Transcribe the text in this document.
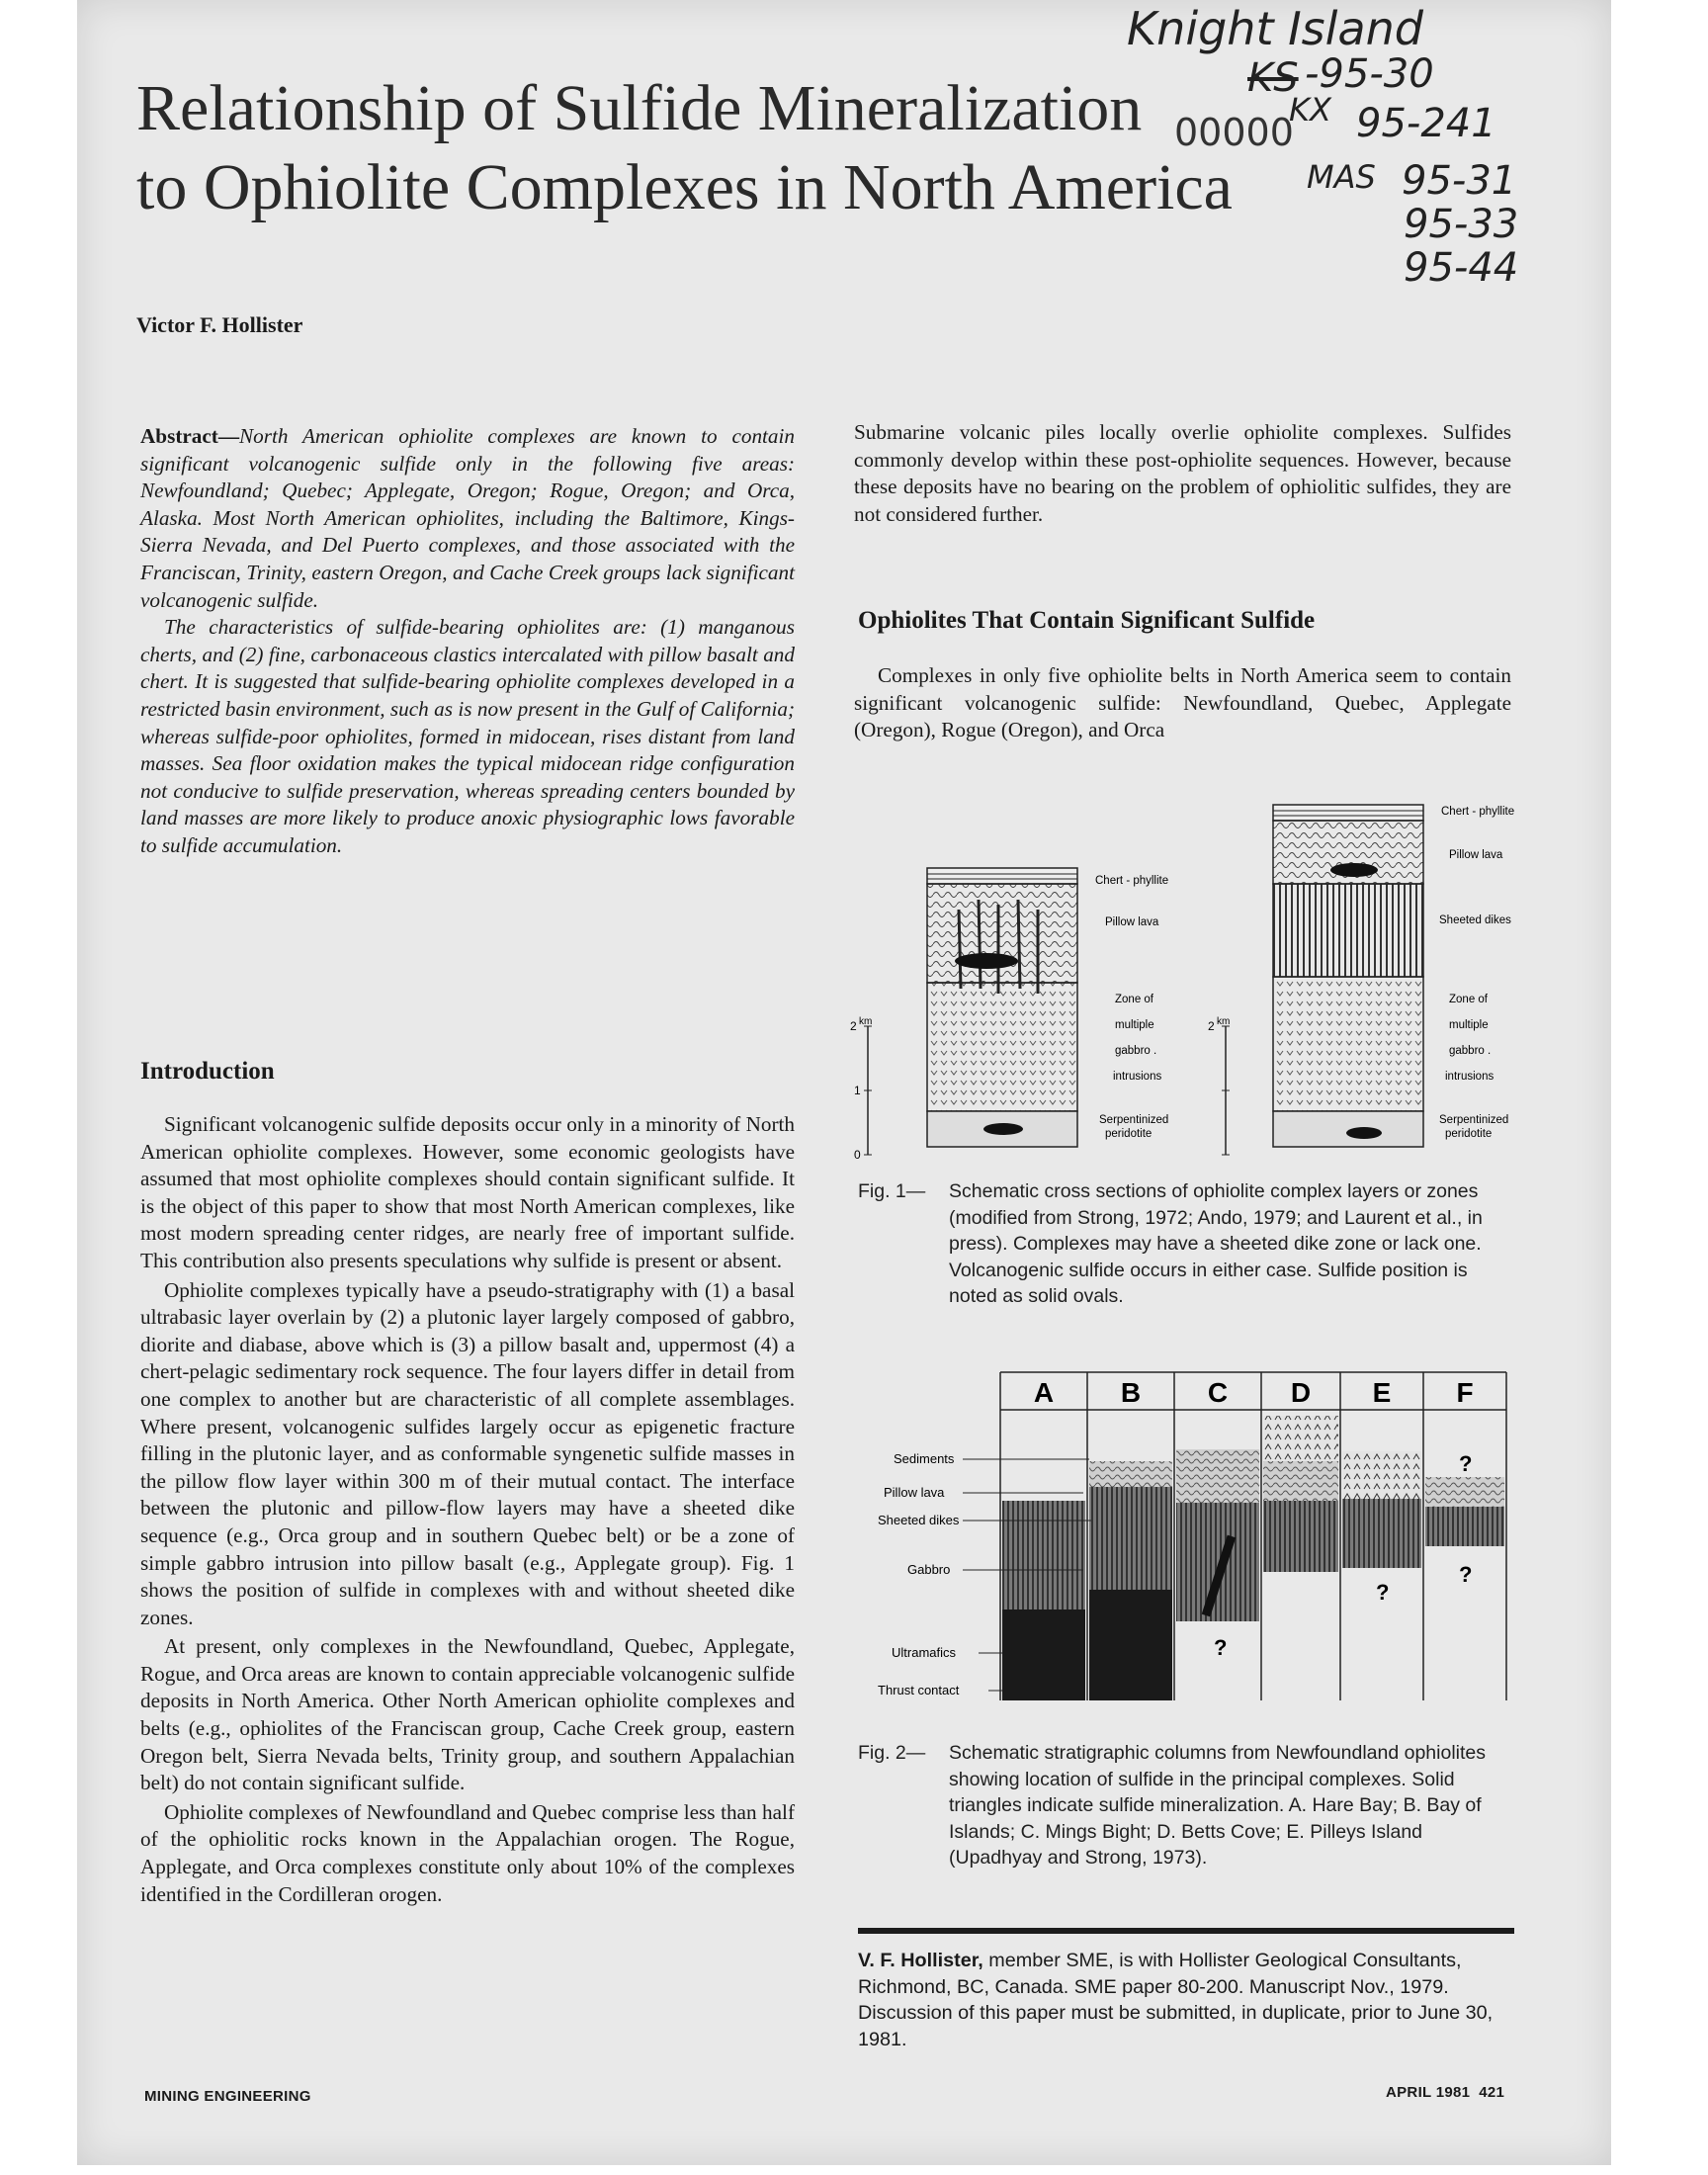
Knight Island
KS -95-30
KX 95-241
00000
MAS 95-31
95-33
95-44
Relationship of Sulfide Mineralization
to Ophiolite Complexes in North America
Victor F. Hollister

Abstract—North American ophiolite complexes are known to contain significant volcanogenic sulfide only in the following five areas: Newfoundland; Quebec; Applegate, Oregon; Rogue, Oregon; and Orca, Alaska. Most North American ophiolites, including the Baltimore, Kings-Sierra Nevada, and Del Puerto complexes, and those associated with the Franciscan, Trinity, eastern Oregon, and Cache Creek groups lack significant volcanogenic sulfide.

The characteristics of sulfide-bearing ophiolites are: (1) manganous cherts, and (2) fine, carbonaceous clastics intercalated with pillow basalt and chert. It is suggested that sulfide-bearing ophiolite complexes developed in a restricted basin environment, such as is now present in the Gulf of California; whereas sulfide-poor ophiolites, formed in midocean, rises distant from land masses. Sea floor oxidation makes the typical midocean ridge configuration not conducive to sulfide preservation, whereas spreading centers bounded by land masses are more likely to produce anoxic physiographic lows favorable to sulfide accumulation.

Introduction

Significant volcanogenic sulfide deposits occur only in a minority of North American ophiolite complexes. However, some economic geologists have assumed that most ophiolite complexes should contain significant sulfide. It is the object of this paper to show that most North American complexes, like most modern spreading center ridges, are nearly free of important sulfide. This contribution also presents speculations why sulfide is present or absent.

Ophiolite complexes typically have a pseudo-stratigraphy with (1) a basal ultrabasic layer overlain by (2) a plutonic layer largely composed of gabbro, diorite and diabase, above which is (3) a pillow basalt and, uppermost (4) a chert-pelagic sedimentary rock sequence. The four layers differ in detail from one complex to another but are characteristic of all complete assemblages. Where present, volcanogenic sulfides largely occur as epigenetic fracture filling in the plutonic layer, and as conformable syngenetic sulfide masses in the pillow flow layer within 300 m of their mutual contact. The interface between the plutonic and pillow-flow layers may have a sheeted dike sequence (e.g., Orca group and in southern Quebec belt) or be a zone of simple gabbro intrusion into pillow basalt (e.g., Applegate group). Fig. 1 shows the position of sulfide in complexes with and without sheeted dike zones.

At present, only complexes in the Newfoundland, Quebec, Applegate, Rogue, and Orca areas are known to contain appreciable volcanogenic sulfide deposits in North America. Other North American ophiolite complexes and belts (e.g., ophiolites of the Franciscan group, Cache Creek group, eastern Oregon belt, Sierra Nevada belts, Trinity group, and southern Appalachian belt) do not contain significant sulfide.

Ophiolite complexes of Newfoundland and Quebec comprise less than half of the ophiolitic rocks known in the Appalachian orogen. The Rogue, Applegate, and Orca complexes constitute only about 10% of the complexes identified in the Cordilleran orogen.

Submarine volcanic piles locally overlie ophiolite complexes. Sulfides commonly develop within these post-ophiolite sequences. However, because these deposits have no bearing on the problem of ophiolitic sulfides, they are not considered further.

Ophiolites That Contain Significant Sulfide

Complexes in only five ophiolite belts in North America seem to contain significant volcanogenic sulfide: Newfoundland, Quebec, Applegate (Oregon), Rogue (Oregon), and Orca

2 km
1
0
Chert - phyllite
Pillow lava
Zone of
multiple
gabbro .
intrusions
Serpentinized
peridotite
2 km
Chert - phyllite
Pillow lava
Sheeted dikes
Zone of
multiple
gabbro .
intrusions
Serpentinized
peridotite
Fig. 1— Schematic cross sections of ophiolite complex layers or zones (modified from Strong, 1972; Ando, 1979; and Laurent et al., in press). Complexes may have a sheeted dike zone or lack one. Volcanogenic sulfide occurs in either case. Sulfide position is noted as solid ovals.
A B C D E F
?
?
?
?
Sediments
Pillow lava
Sheeted dikes
Gabbro
Ultramafics
Thrust contact
Fig. 2— Schematic stratigraphic columns from Newfoundland ophiolites showing location of sulfide in the principal complexes. Solid triangles indicate sulfide mineralization. A. Hare Bay; B. Bay of Islands; C. Mings Bight; D. Betts Cove; E. Pilleys Island (Upadhyay and Strong, 1973).
V. F. Hollister, member SME, is with Hollister Geological Consultants, Richmond, BC, Canada. SME paper 80-200. Manuscript Nov., 1979. Discussion of this paper must be submitted, in duplicate, prior to June 30, 1981.
MINING ENGINEERING	APRIL 1981  421
